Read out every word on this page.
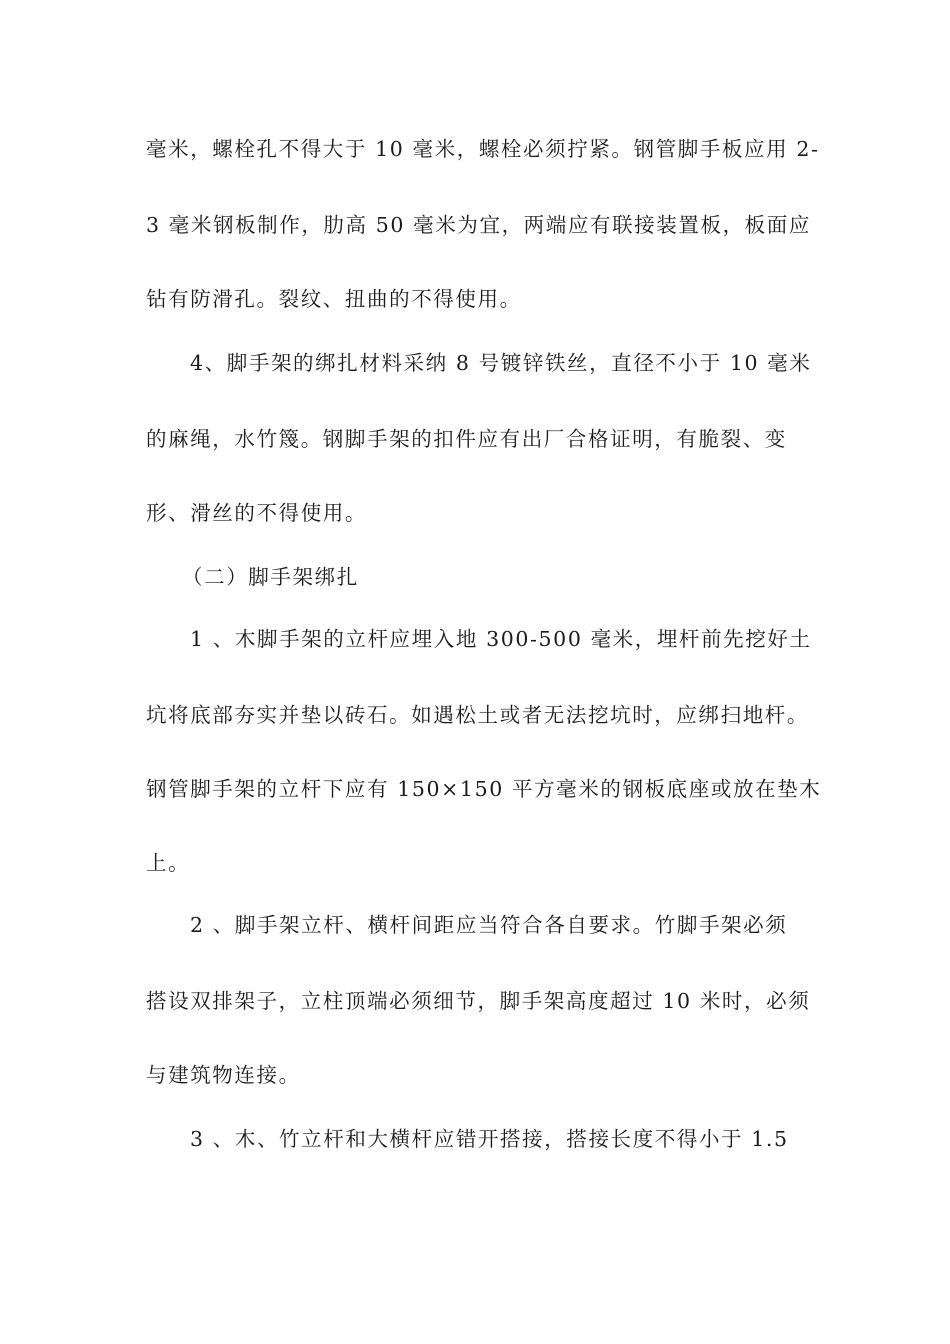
毫米，螺栓孔不得大于 10 毫米，螺栓必须拧紧。钢管脚手板应用 2-
3 毫米钢板制作，肋高 50 毫米为宜，两端应有联接装置板，板面应
钻有防滑孔。裂纹、扭曲的不得使用。
4、脚手架的绑扎材料采纳 8 号镀锌铁丝，直径不小于 10 毫米
的麻绳，水竹篾。钢脚手架的扣件应有出厂合格证明，有脆裂、变
形、滑丝的不得使用。
（二）脚手架绑扎
1 、木脚手架的立杆应埋入地 300-500 毫米，埋杆前先挖好土
坑将底部夯实并垫以砖石。如遇松土或者无法挖坑时，应绑扫地杆。
钢管脚手架的立杆下应有 150×150 平方毫米的钢板底座或放在垫木
上。
2 、脚手架立杆、横杆间距应当符合各自要求。竹脚手架必须
搭设双排架子，立柱顶端必须细节，脚手架高度超过 10 米时，必须
与建筑物连接。
3 、木、竹立杆和大横杆应错开搭接，搭接长度不得小于 1.5
